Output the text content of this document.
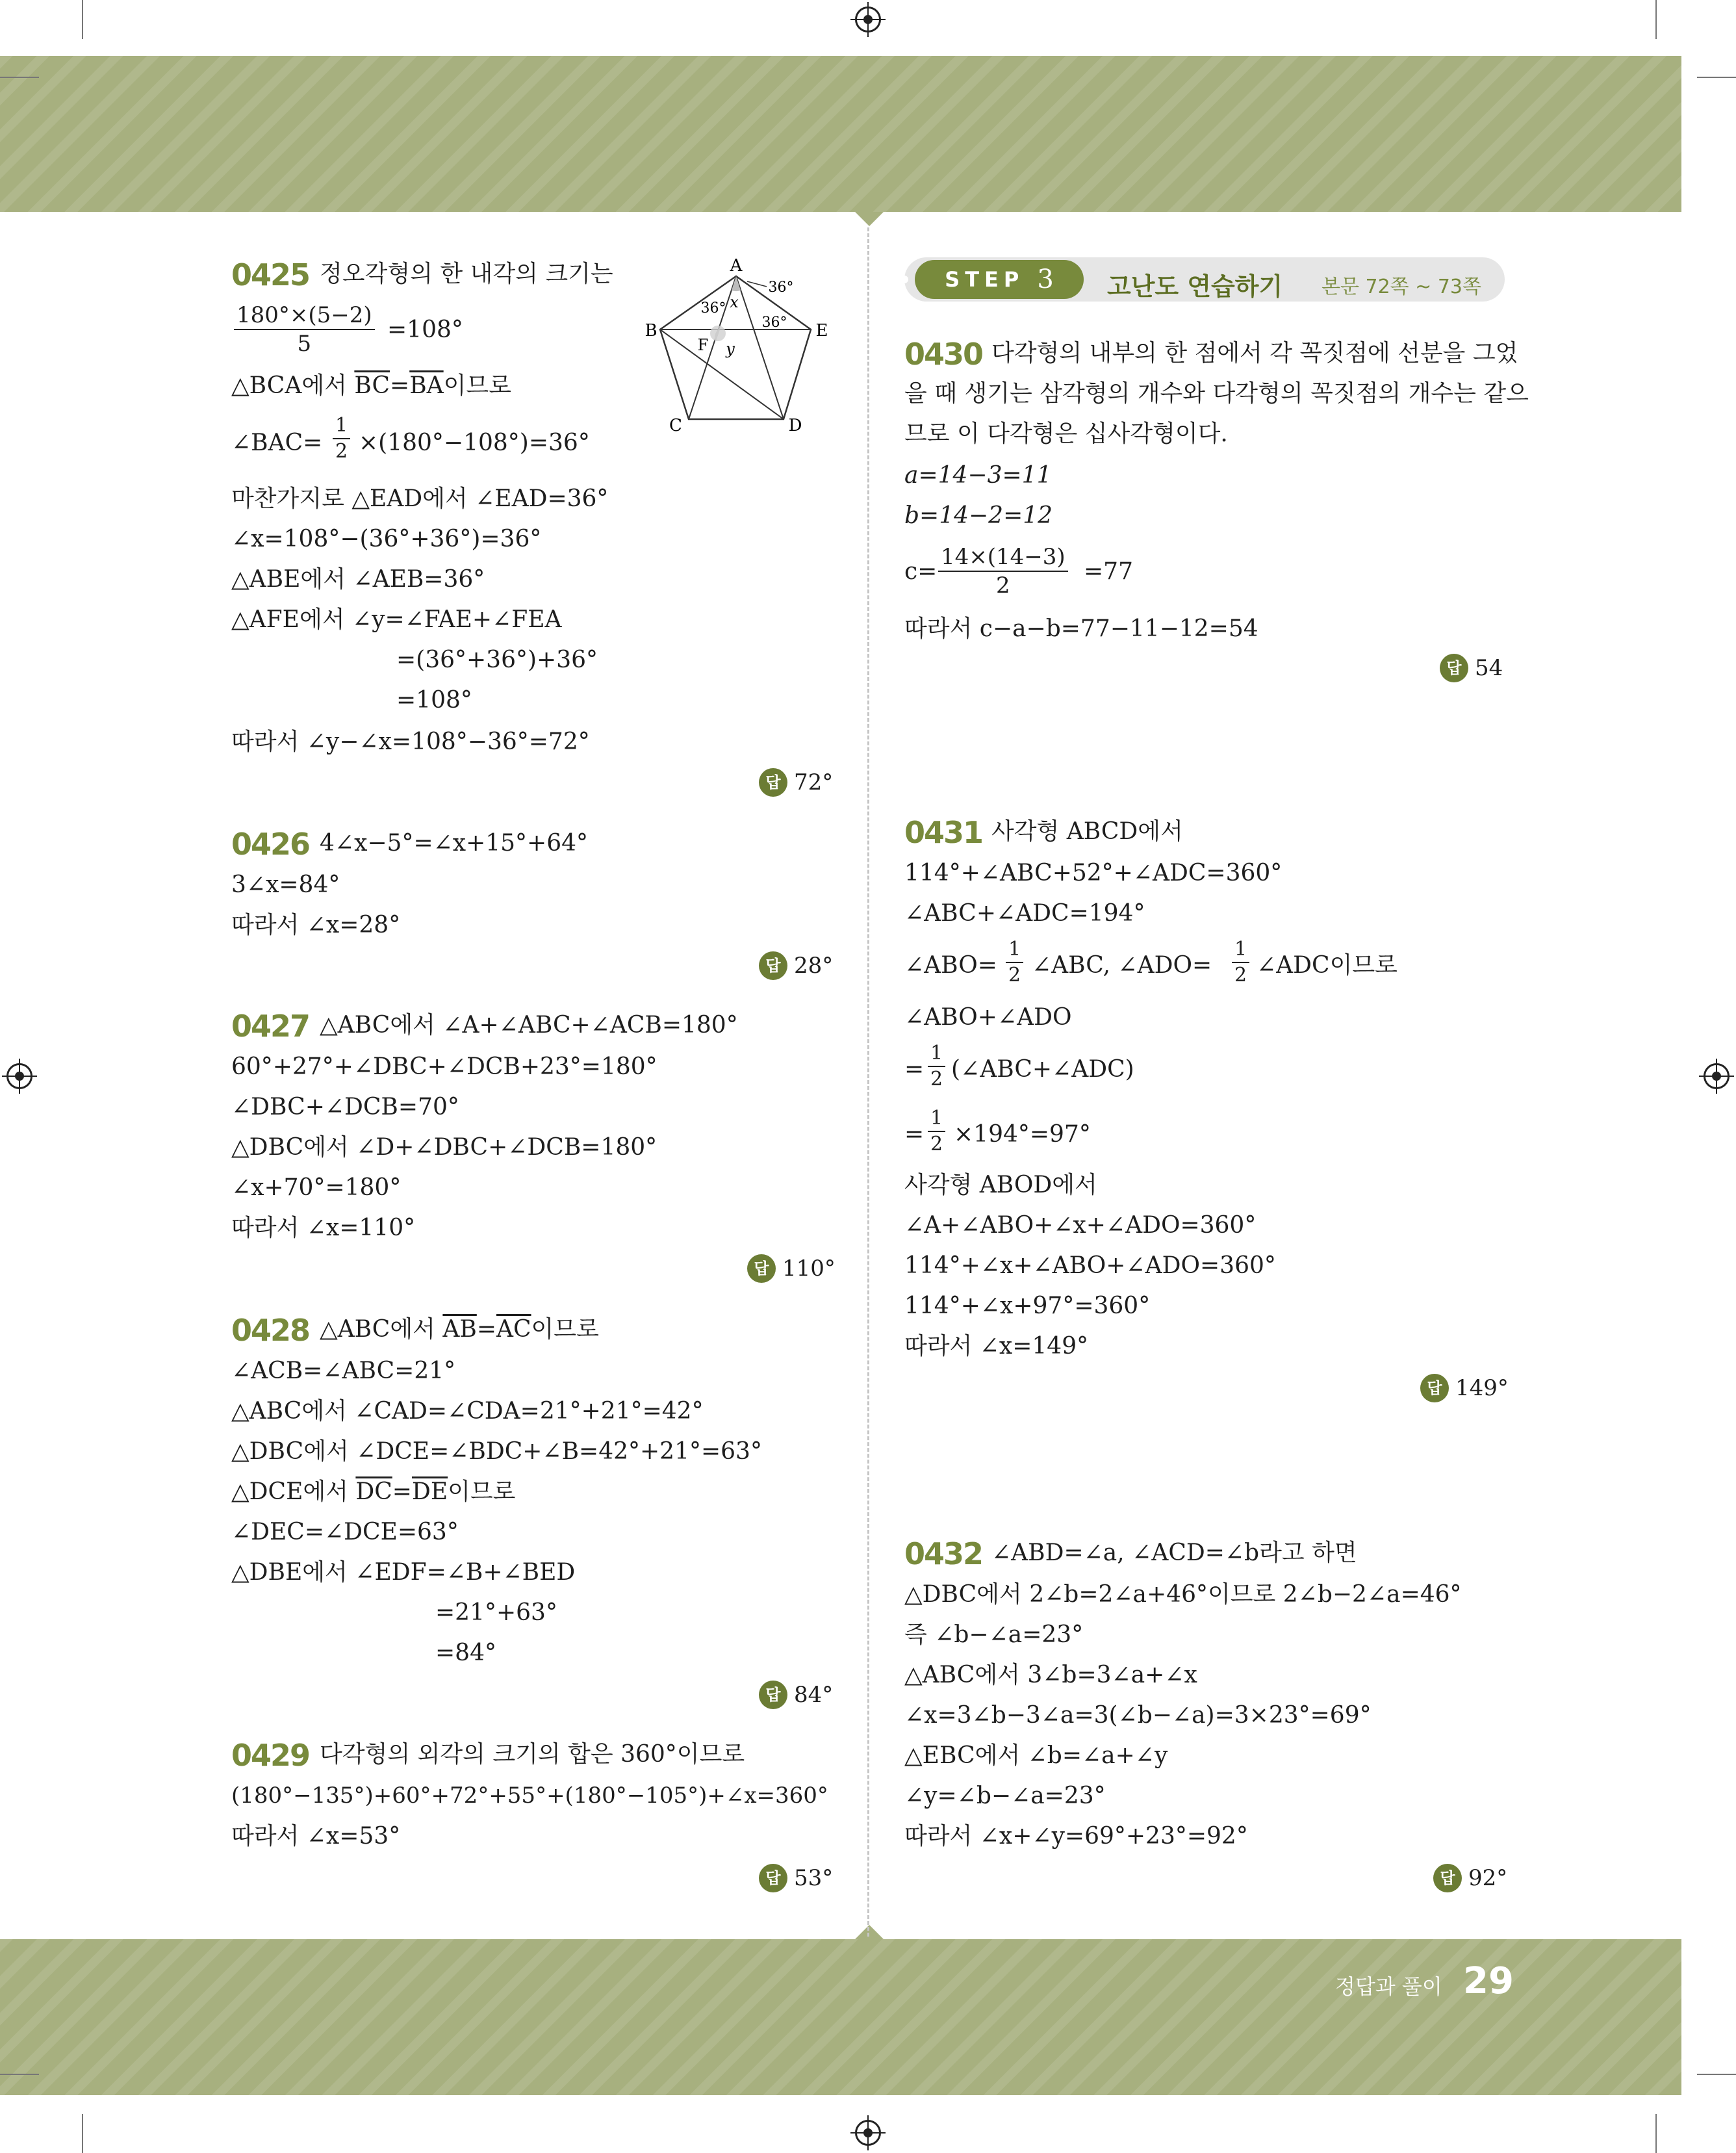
0425 정오각형의 한 내각의 크기는
$\frac{180^\circ\times(5-2)}{5} =108^\circ$
△BCA에서 $\overline{BC}=\overline{BA}$이므로
∠BAC= $\frac{1}{2} \times(180^\circ-108^\circ)=36^\circ$
마찬가지로 △EAD에서 ∠EAD=36°
∠x=108°−(36°+36°)=36°
△ABE에서 ∠AEB=36°
△AFE에서 ∠y=∠FAE+∠FEA
=(36°+36°)+36°
=108°
따라서 ∠y−∠x=108°−36°=72°
답 72°
A
B
C	D
E
F
x
y
36°
36°
36°
0426 4∠x−5°=∠x+15°+64°
3∠x=84°
따라서 ∠x=28°
답 28°
0427 △ABC에서 ∠A+∠ABC+∠ACB=180°
60°+27°+∠DBC+∠DCB+23°=180°
∠DBC+∠DCB=70°
△DBC에서 ∠D+∠DBC+∠DCB=180°
∠x+70°=180°
따라서 ∠x=110°
답 110°
0428 △ABC에서 $\overline{AB}=\overline{AC}$이므로
∠ACB=∠ABC=21°
△ABC에서 ∠CAD=∠CDA=21°+21°=42°
△DBC에서 ∠DCE=∠BDC+∠B=42°+21°=63°
△DCE에서 $\overline{DC}=\overline{DE}$이므로
∠DEC=∠DCE=63°
△DBE에서 ∠EDF=∠B+∠BED
=21°+63°
=84°
답 84°
0429 다각형의 외각의 크기의 합은 360°이므로
(180°−135°)+60°+72°+55°+(180°−105°)+∠x=360°
따라서 ∠x=53°
답 53°
STEP 3 고난도 연습하기 본문 72쪽 ~ 73쪽
0430 다각형의 내부의 한 점에서 각 꼭짓점에 선분을 그었
을 때 생기는 삼각형의 개수와 다각형의 꼭짓점의 개수는 같으
므로 이 다각형은 십사각형이다.
a=14−3=11
b=14−2=12
$c= \frac{14\times(14-3)}{2} =77$
따라서 c−a−b=77−11−12=54
답 54
0431 사각형 ABCD에서
114°+∠ABC+52°+∠ADC=360°
∠ABC+∠ADC=194°
∠ABO= $\frac{1}{2}$ ∠ABC, ∠ADO= $\frac{1}{2}$ ∠ADC이므로
∠ABO+∠ADO
= $\frac{1}{2}$ (∠ABC+∠ADC)
= $\frac{1}{2} \times 194^\circ=97^\circ$
사각형 ABOD에서
∠A+∠ABO+∠x+∠ADO=360°
114°+∠x+∠ABO+∠ADO=360°
114°+∠x+97°=360°
따라서 ∠x=149°
답 149°
0432 ∠ABD=∠a, ∠ACD=∠b라고 하면
△DBC에서 2∠b=2∠a+46°이므로 2∠b−2∠a=46°
즉 ∠b−∠a=23°
△ABC에서 3∠b=3∠a+∠x
∠x=3∠b−3∠a=3(∠b−∠a)=3×23°=69°
△EBC에서 ∠b=∠a+∠y
∠y=∠b−∠a=23°
따라서 ∠x+∠y=69°+23°=92°
답 92°
정답과 풀이 29
